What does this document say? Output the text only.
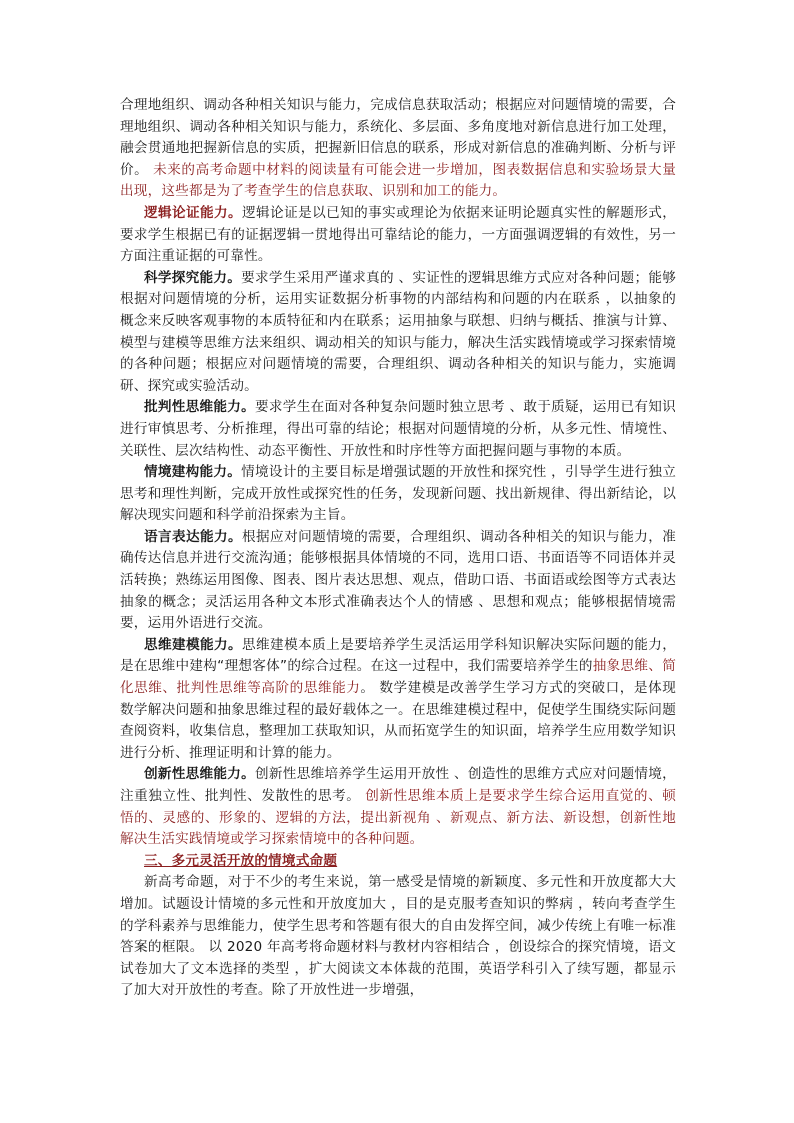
合理地组织、调动各种相关知识与能力，完成信息获取活动；根据应对问题情境的需要，合理地组织、调动各种相关知识与能力，系统化、多层面、多角度地对新信息进行加工处理，融会贯通地把握新信息的实质，把握新旧信息的联系，形成对新信息的准确判断、分析与评价。 未来的高考命题中材料的阅读量有可能会进一步增加，图表数据信息和实验场景大量出现，这些都是为了考查学生的信息获取、识别和加工的能力。

逻辑论证能力。逻辑论证是以已知的事实或理论为依据来证明论题真实性的解题形式，要求学生根据已有的证据逻辑一贯地得出可靠结论的能力，一方面强调逻辑的有效性，另一方面注重证据的可靠性。

科学探究能力。要求学生采用严谨求真的 、实证性的逻辑思维方式应对各种问题；能够根据对问题情境的分析，运用实证数据分析事物的内部结构和问题的内在联系 ，以抽象的概念来反映客观事物的本质特征和内在联系；运用抽象与联想、归纳与概括、推演与计算、模型与建模等思维方法来组织、调动相关的知识与能力，解决生活实践情境或学习探索情境的各种问题；根据应对问题情境的需要，合理组织、调动各种相关的知识与能力，实施调研、探究或实验活动。

批判性思维能力。要求学生在面对各种复杂问题时独立思考 、敢于质疑，运用已有知识进行审慎思考、分析推理，得出可靠的结论；根据对问题情境的分析，从多元性、情境性、关联性、层次结构性、动态平衡性、开放性和时序性等方面把握问题与事物的本质。

情境建构能力。情境设计的主要目标是增强试题的开放性和探究性 ，引导学生进行独立思考和理性判断，完成开放性或探究性的任务，发现新问题、找出新规律、得出新结论，以解决现实问题和科学前沿探索为主旨。

语言表达能力。根据应对问题情境的需要，合理组织、调动各种相关的知识与能力，准确传达信息并进行交流沟通；能够根据具体情境的不同，选用口语、书面语等不同语体并灵活转换；熟练运用图像、图表、图片表达思想、观点，借助口语、书面语或绘图等方式表达抽象的概念；灵活运用各种文本形式准确表达个人的情感 、思想和观点；能够根据情境需要，运用外语进行交流。

思维建模能力。思维建模本质上是要培养学生灵活运用学科知识解决实际问题的能力，是在思维中建构“理想客体”的综合过程。在这一过程中，我们需要培养学生的抽象思维、简化思维、批判性思维等高阶的思维能力。 数学建模是改善学生学习方式的突破口，是体现数学解决问题和抽象思维过程的最好载体之一。在思维建模过程中，促使学生围绕实际问题查阅资料，收集信息，整理加工获取知识，从而拓宽学生的知识面，培养学生应用数学知识进行分析、推理证明和计算的能力。

创新性思维能力。创新性思维培养学生运用开放性 、创造性的思维方式应对问题情境，注重独立性、批判性、发散性的思考。 创新性思维本质上是要求学生综合运用直觉的、顿悟的、灵感的、形象的、逻辑的方法，提出新视角 、新观点、新方法、新设想，创新性地解决生活实践情境或学习探索情境中的各种问题。

三、多元灵活开放的情境式命题

新高考命题，对于不少的考生来说，第一感受是情境的新颖度、多元性和开放度都大大增加。试题设计情境的多元性和开放度加大 ，目的是克服考查知识的弊病 ，转向考查学生的学科素养与思维能力，使学生思考和答题有很大的自由发挥空间，减少传统上有唯一标准答案的框限。 以 2020 年高考将命题材料与教材内容相结合 ，创设综合的探究情境，语文试卷加大了文本选择的类型 ，扩大阅读文本体裁的范围，英语学科引入了续写题，都显示了加大对开放性的考查。除了开放性进一步增强，
